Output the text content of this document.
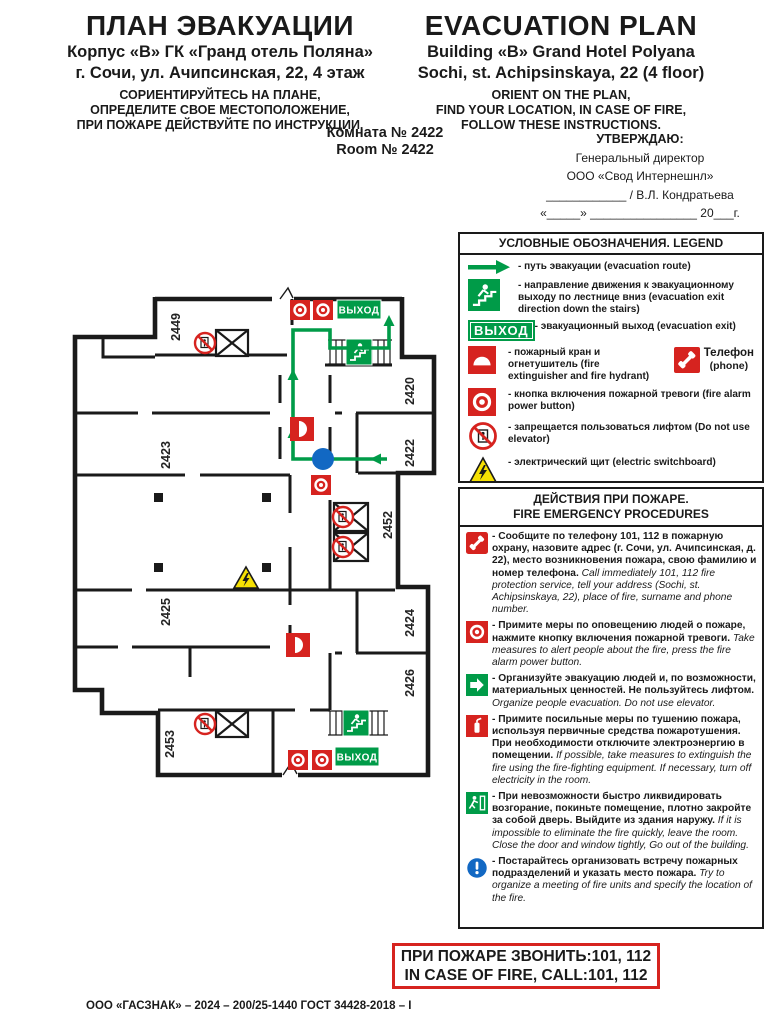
ПЛАН ЭВАКУАЦИИ
Корпус «В» ГК «Гранд отель Поляна»
г. Сочи, ул. Ачипсинская, 22, 4 этаж
СОРИЕНТИРУЙТЕСЬ НА ПЛАНЕ,
ОПРЕДЕЛИТЕ СВОЕ МЕСТОПОЛОЖЕНИЕ,
ПРИ ПОЖАРЕ ДЕЙСТВУЙТЕ ПО ИНСТРУКЦИИ.
EVACUATION PLAN
Building «B» Grand Hotel Polyana
Sochi, st. Achipsinskaya, 22 (4 floor)
ORIENT ON THE PLAN,
FIND YOUR LOCATION, IN CASE OF FIRE,
FOLLOW THESE INSTRUCTIONS.
Комната № 2422
Room № 2422
УТВЕРЖДАЮ:
Генеральный директор
ООО «Свод Интернешнл»
____________ / В.Л. Кондратьева
«_____» ________________ 20___г.
ВЫХОД
ВЫХОД
2449
2423
2420
2422
2452
2425	2424
2426
2453
УСЛОВНЫЕ ОБОЗНАЧЕНИЯ. LEGEND
- путь эвакуации (evacuation route)
- направление движения к эвакуационному выходу по лестнице вниз (evacuation exit direction down the stairs)
ВЫХОД - эвакуационный выход (evacuation exit)
- пожарный кран и огнетушитель (fire extinguisher and fire hydrant)
Телефон
(phone)
- кнопка включения пожарной тревоги (fire alarm power button)
- запрещается пользоваться лифтом (Do not use elevator)
- электрический щит (electric switchboard)
ДЕЙСТВИЯ ПРИ ПОЖАРЕ.
FIRE EMERGENCY PROCEDURES
- Сообщите по телефону 101, 112 в пожарную охрану, назовите адрес (г. Сочи, ул. Ачипсинская, д. 22), место возникновения пожара, свою фамилию и номер телефона. Call immediately 101, 112 fire protection service, tell your address (Sochi, st. Achipsinskaya, 22), place of fire, surname and phone number.
- Примите меры по оповещению людей о пожаре, нажмите кнопку включения пожарной тревоги. Take measures to alert people about the fire, press the fire alarm power button.
- Организуйте эвакуацию людей и, по возможности, материальных ценностей. Не пользуйтесь лифтом. Organize people evacuation. Do not use elevator.
- Примите посильные меры по тушению пожара, используя первичные средства пожаротушения. При необходимости отключите электроэнергию в помещении. If possible, take measures to extinguish the fire using the fire-fighting equipment. If necessary, turn off electricity in the room.
- При невозможности быстро ликвидировать возгорание, покиньте помещение, плотно закройте за собой дверь. Выйдите из здания наружу. If it is impossible to eliminate the fire quickly, leave the room. Close the door and window tightly, Go out of the building.
- Постарайтесь организовать встречу пожарных подразделений и указать место пожара. Try to organize a meeting of fire units and specify the location of the fire.
ПРИ ПОЖАРЕ ЗВОНИТЬ:101, 112
IN CASE OF FIRE, CALL:101, 112
ООО «ГАСЗНАК» – 2024 – 200/25-1440 ГОСТ 34428-2018 – I
